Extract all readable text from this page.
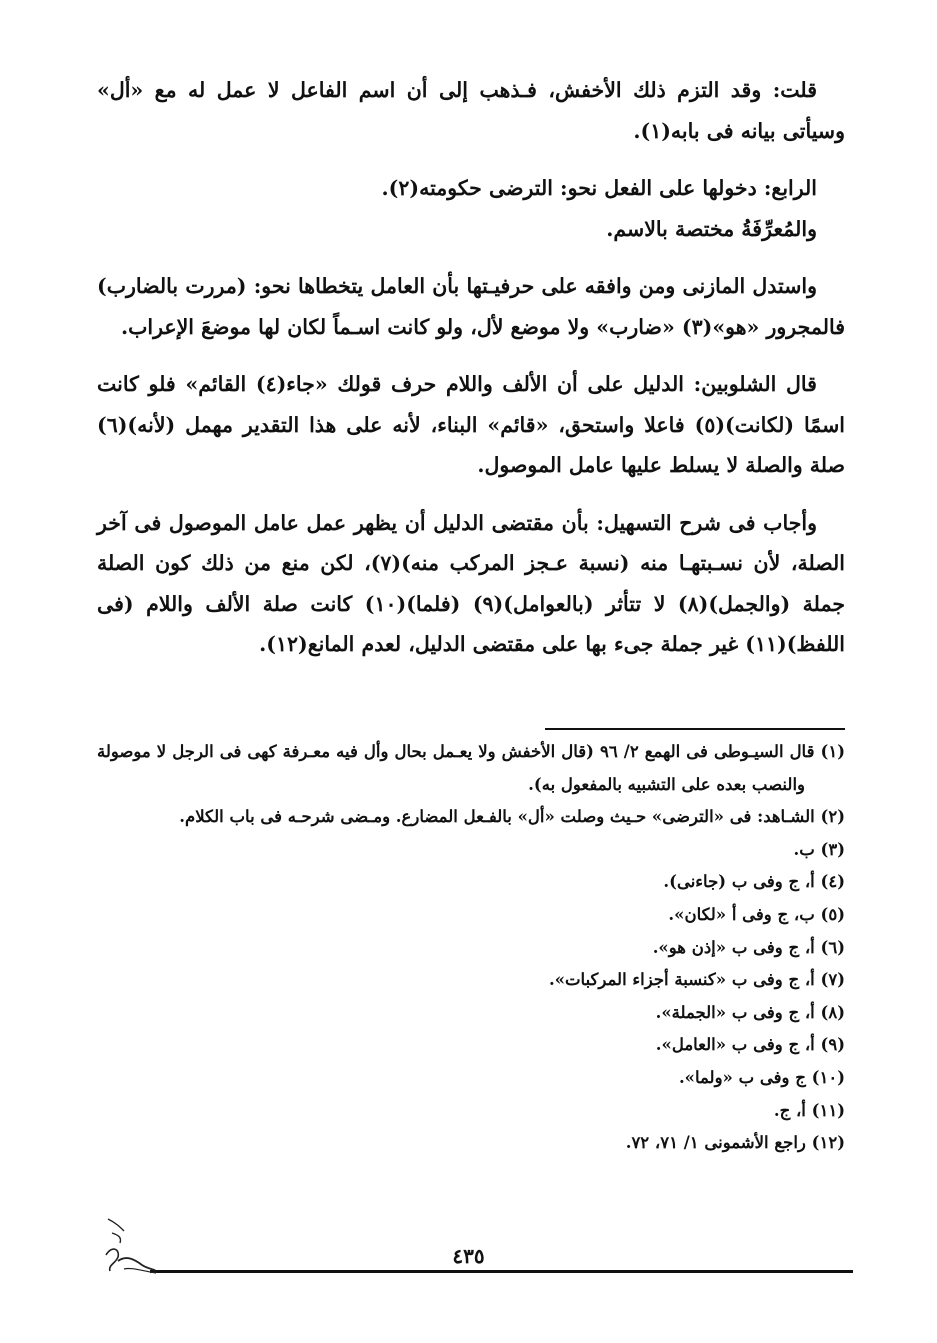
قلت: وقد التزم ذلك الأخفش، فـذهب إلى أن اسم الفاعل لا عمل له مع «أل» وسيأتى بيانه فى بابه(١).

الرابع: دخولها على الفعل نحو: الترضى حكومته(٢).

والمُعرِّفَةُ مختصة بالاسم.

واستدل المازنى ومن وافقه على حرفيـتها بأن العامل يتخطاها نحو: (مررت بالضارب) فالمجرور «هو»(٣) «ضارب» ولا موضع لأل، ولو كانت اسـماً لكان لها موضعَ الإعراب.

قال الشلوبين: الدليل على أن الألف واللام حرف قولك «جاء(٤) القائم» فلو كانت اسمًا (لكانت)(٥) فاعلا واستحق، «قائم» البناء، لأنه على هذا التقدير مهمل (لأنه)(٦) صلة والصلة لا يسلط عليها عامل الموصول.

وأجاب فى شرح التسهيل: بأن مقتضى الدليل أن يظهر عمل عامل الموصول فى آخر الصلة، لأن نسـبتهـا منه (نسبة عـجز المركب منه)(٧)، لكن منع من ذلك كون الصلة جملة (والجمل)(٨) لا تتأثر (بالعوامل)(٩) (فلما)(١٠) كانت صلة الألف واللام (فى اللفظ)(١١) غير جملة جىء بها على مقتضى الدليل، لعدم المانع(١٢).

(١) قال السيـوطى فى الهمع ٢/ ٩٦ (قال الأخفش ولا يعـمل بحال وأل فيه معـرفة كهى فى الرجل لا موصولة والنصب بعده على التشبيه بالمفعول به).
(٢) الشـاهد: فى «الترضى» حـيث وصلت «أل» بالفـعل المضارع. ومـضى شرحـه فى باب الكلام.
(٣) ب.
(٤) أ، ج وفى ب (جاءنى).
(٥) ب، ج وفى أ «لكان».
(٦) أ، ج وفى ب «إذن هو».
(٧) أ، ج وفى ب «كنسبة أجزاء المركبات».
(٨) أ، ج وفى ب «الجملة».
(٩) أ، ج وفى ب «العامل».
(١٠) ج وفى ب «ولما».
(١١) أ، ج.
(١٢) راجع الأشمونى ١/ ٧١، ٧٢.
٤٣٥
